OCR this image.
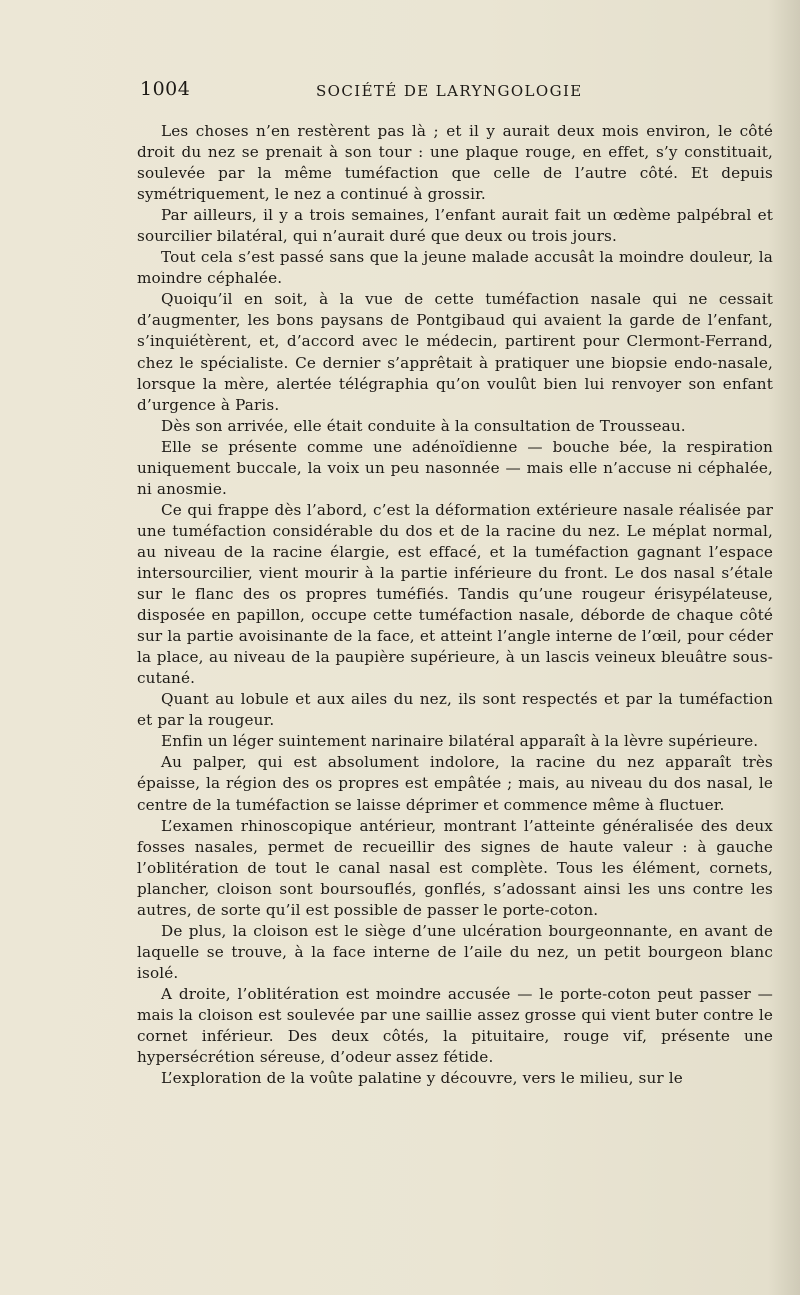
1004	SOCIÉTÉ DE LARYNGOLOGIE

Les choses n’en restèrent pas là ; et il y aurait deux mois environ, le côté droit du nez se prenait à son tour : une plaque rouge, en effet, s’y constituait, soulevée par la même tuméfaction que celle de l’autre côté. Et depuis symétriquement, le nez a continué à grossir.

Par ailleurs, il y a trois semaines, l’enfant aurait fait un œdème palpébral et sourcilier bilatéral, qui n’aurait duré que deux ou trois jours.

Tout cela s’est passé sans que la jeune malade accusât la moindre douleur, la moindre céphalée.

Quoiqu’il en soit, à la vue de cette tuméfaction nasale qui ne cessait d’augmenter, les bons paysans de Pontgibaud qui avaient la garde de l’enfant, s’inquiétèrent, et, d’accord avec le médecin, partirent pour Clermont-Ferrand, chez le spécialiste. Ce dernier s’apprêtait à pratiquer une biopsie endo-nasale, lorsque la mère, alertée télégraphia qu’on voulût bien lui renvoyer son enfant d’urgence à Paris.

Dès son arrivée, elle était conduite à la consultation de Trousseau.

Elle se présente comme une adénoïdienne — bouche bée, la respiration uniquement buccale, la voix un peu nasonnée — mais elle n’accuse ni céphalée, ni anosmie.

Ce qui frappe dès l’abord, c’est la déformation extérieure nasale réalisée par une tuméfaction considérable du dos et de la racine du nez. Le méplat normal, au niveau de la racine élargie, est effacé, et la tuméfaction gagnant l’espace intersourcilier, vient mourir à la partie inférieure du front. Le dos nasal s’étale sur le flanc des os propres tuméfiés. Tandis qu’une rougeur érisypélateuse, disposée en papillon, occupe cette tuméfaction nasale, déborde de chaque côté sur la partie avoisinante de la face, et atteint l’angle interne de l’œil, pour céder la place, au niveau de la paupière supérieure, à un lascis veineux bleuâtre sous-cutané.

Quant au lobule et aux ailes du nez, ils sont respectés et par la tuméfaction et par la rougeur.

Enfin un léger suintement narinaire bilatéral apparaît à la lèvre supérieure.

Au palper, qui est absolument indolore, la racine du nez apparaît très épaisse, la région des os propres est empâtée ; mais, au niveau du dos nasal, le centre de la tuméfaction se laisse déprimer et commence même à fluctuer.

L’examen rhinoscopique antérieur, montrant l’atteinte généralisée des deux fosses nasales, permet de recueillir des signes de haute valeur : à gauche l’oblitération de tout le canal nasal est complète. Tous les élément, cornets, plancher, cloison sont boursouflés, gonflés, s’adossant ainsi les uns contre les autres, de sorte qu’il est possible de passer le porte-coton.

De plus, la cloison est le siège d’une ulcération bourgeonnante, en avant de laquelle se trouve, à la face interne de l’aile du nez, un petit bourgeon blanc isolé.

A droite, l’oblitération est moindre accusée — le porte-coton peut passer — mais la cloison est soulevée par une saillie assez grosse qui vient buter contre le cornet inférieur. Des deux côtés, la pituitaire, rouge vif, présente une hypersécrétion séreuse, d’odeur assez fétide.

L’exploration de la voûte palatine y découvre, vers le milieu, sur le
